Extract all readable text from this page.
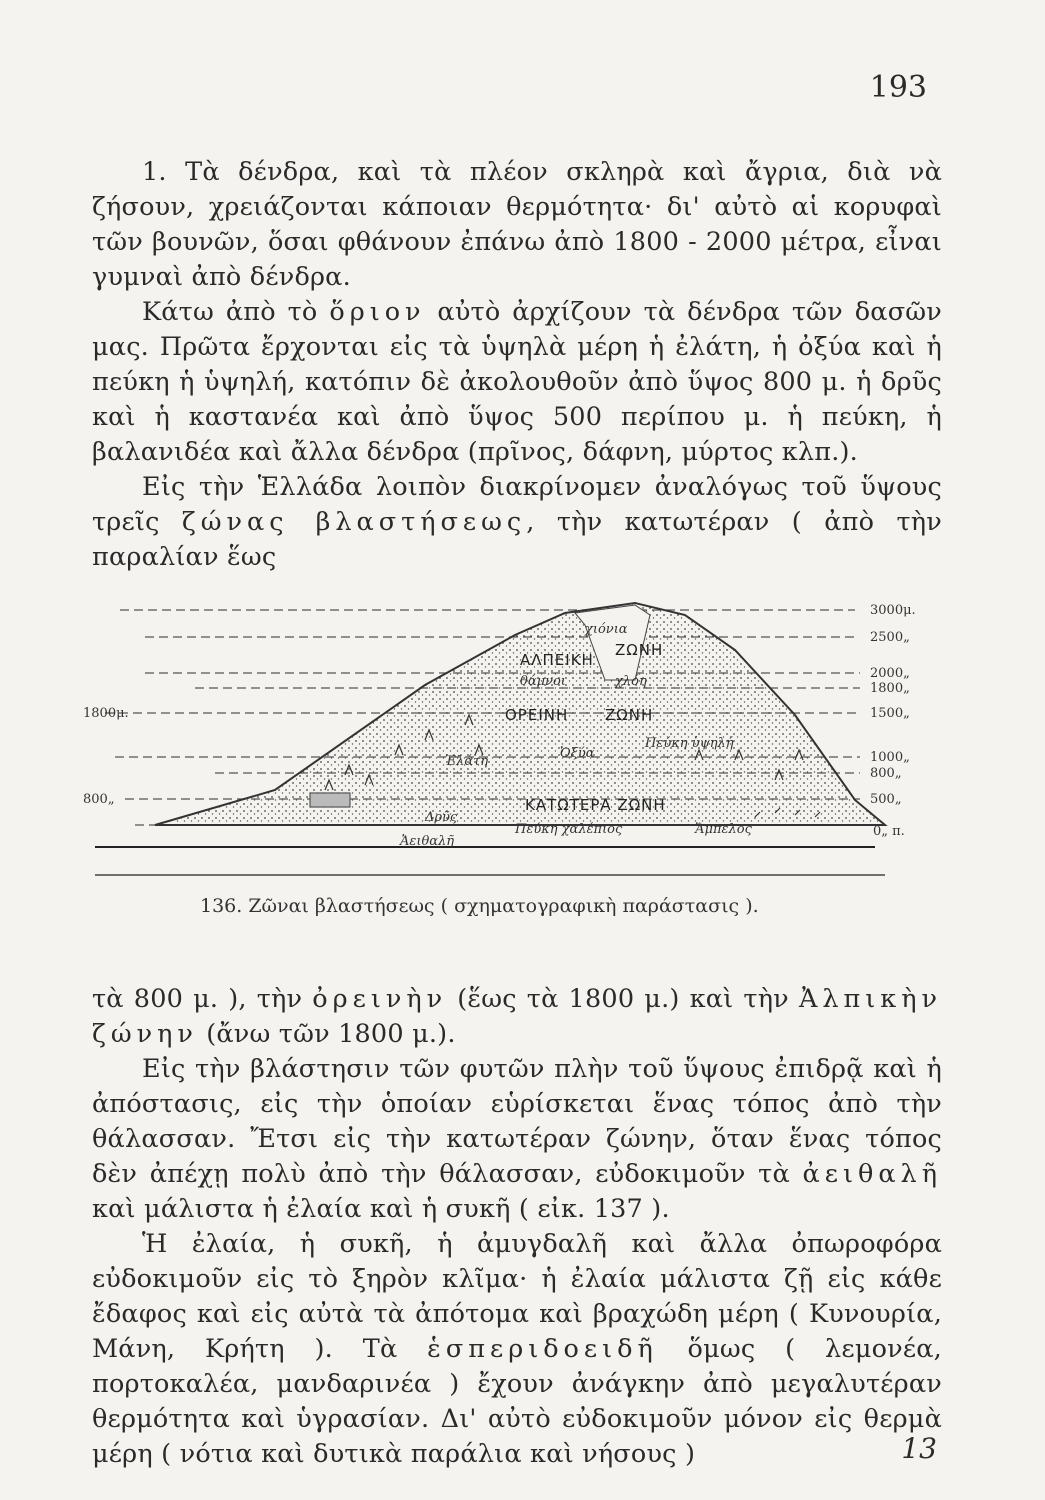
193

1. Τὰ δένδρα, καὶ τὰ πλέον σκληρὰ καὶ ἄγρια, διὰ νὰ ζήσουν, χρειάζονται κάποιαν θερμότητα· δι' αὐτὸ αἱ κορυφαὶ τῶν βουνῶν, ὅσαι φθάνουν ἐπάνω ἀπὸ 1800 - 2000 μέτρα, εἶναι γυμναὶ ἀπὸ δένδρα.

Κάτω ἀπὸ τὸ ὅριον αὐτὸ ἀρχίζουν τὰ δένδρα τῶν δασῶν μας. Πρῶτα ἔρχονται εἰς τὰ ὑψηλὰ μέρη ἡ ἐλάτη, ἡ ὀξύα καὶ ἡ πεύκη ἡ ὑψηλή, κατόπιν δὲ ἀκολουθοῦν ἀπὸ ὕψος 800 μ. ἡ δρῦς καὶ ἡ καστανέα καὶ ἀπὸ ὕψος 500 περίπου μ. ἡ πεύκη, ἡ βαλανιδέα καὶ ἄλλα δένδρα (πρῖνος, δάφνη, μύρτος κλπ.).

Εἰς τὴν Ἑλλάδα λοιπὸν διακρίνομεν ἀναλόγως τοῦ ὕψους τρεῖς ζώνας βλαστήσεως, τὴν κατωτέραν ( ἀπὸ τὴν παραλίαν ἕως

3000μ.
2500„
2000„
1800„
1500„
1000„
800„
500„
0„ π.
1800μ.
800„
ΑΛΠΕΙΚΗ
ΖΩΝΗ
ΟΡΕΙΝΗ ΖΩΝΗ
ΚΑΤΩΤΕΡΑ ΖΩΝΗ
χιόνια
θάμνοι	χλόη
Ἐλάτη
Ὀξύα
Πεύκη ὑψηλή
Δρῦς
Ἀειθαλῆ
Πεύκη χαλέπιος	Ἄμπελος
136. Ζῶναι βλαστήσεως ( σχηματογραφικὴ παράστασις ).

τὰ 800 μ. ), τὴν ὀρεινὴν (ἕως τὰ 1800 μ.) καὶ τὴν Ἀλπικὴν ζώνην (ἄνω τῶν 1800 μ.).

Εἰς τὴν βλάστησιν τῶν φυτῶν πλὴν τοῦ ὕψους ἐπιδρᾷ καὶ ἡ ἀπόστασις, εἰς τὴν ὁποίαν εὑρίσκεται ἕνας τόπος ἀπὸ τὴν θάλασσαν. Ἔτσι εἰς τὴν κατωτέραν ζώνην, ὅταν ἕνας τόπος δὲν ἀπέχῃ πολὺ ἀπὸ τὴν θάλασσαν, εὐδοκιμοῦν τὰ ἀειθαλῆ καὶ μάλιστα ἡ ἐλαία καὶ ἡ συκῆ ( εἰκ. 137 ).

Ἡ ἐλαία, ἡ συκῆ, ἡ ἀμυγδαλῆ καὶ ἄλλα ὀπωροφόρα εὐδοκιμοῦν εἰς τὸ ξηρὸν κλῖμα· ἡ ἐλαία μάλιστα ζῇ εἰς κάθε ἔδαφος καὶ εἰς αὐτὰ τὰ ἀπότομα καὶ βραχώδη μέρη ( Κυνουρία, Μάνη, Κρήτη ). Τὰ ἑσπεριδοειδῆ ὅμως ( λεμονέα, πορτοκαλέα, μανδαρινέα ) ἔχουν ἀνάγκην ἀπὸ μεγαλυτέραν θερμότητα καὶ ὑγρασίαν. Δι' αὐτὸ εὐδοκιμοῦν μόνον εἰς θερμὰ μέρη ( νότια καὶ δυτικὰ παράλια καὶ νήσους )	13
